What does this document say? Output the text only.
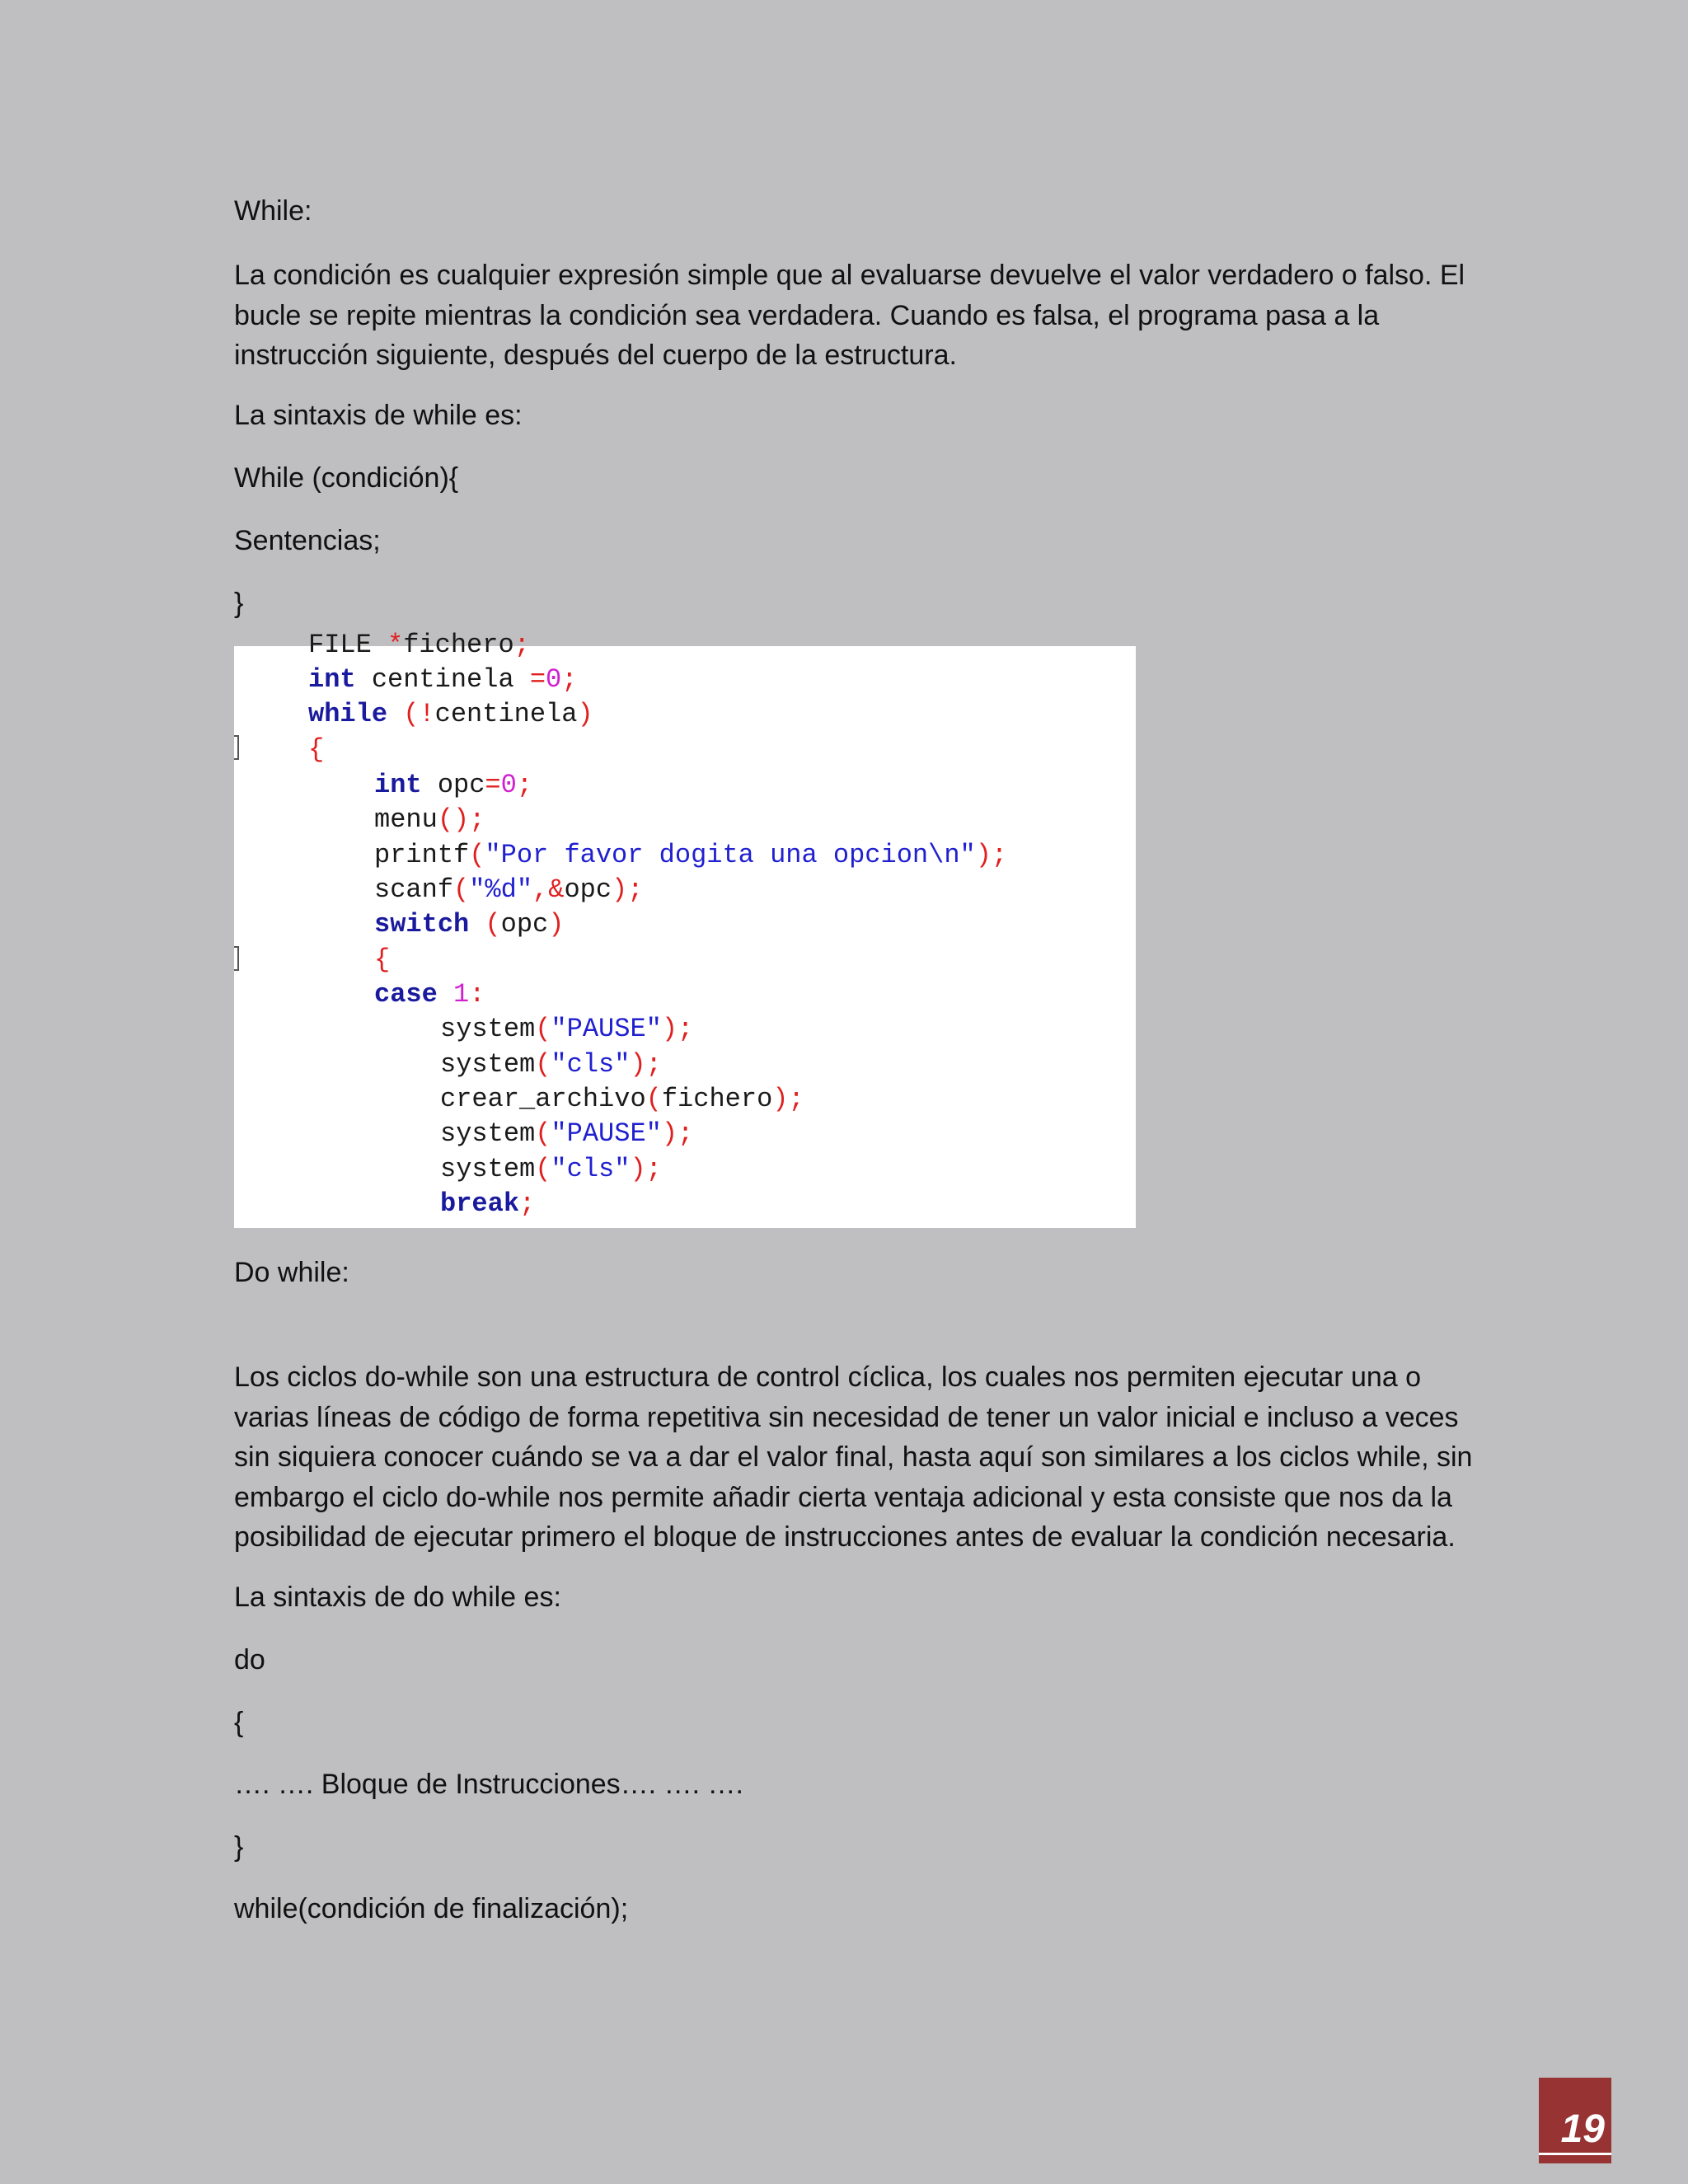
While:

La condición es cualquier expresión simple que al evaluarse devuelve el valor verdadero o falso. El
bucle se repite mientras la condición sea verdadera. Cuando es falsa, el programa pasa a la
instrucción siguiente, después del cuerpo de la estructura.

La sintaxis de while es:

While (condición){

Sentencias;

}

Do while:

Los ciclos do-while son una estructura de control cíclica, los cuales nos permiten ejecutar una o
varias líneas de código de forma repetitiva sin necesidad de tener un valor inicial e incluso a veces
sin siquiera conocer cuándo se va a dar el valor final, hasta aquí son similares a los ciclos while, sin
embargo el ciclo do-while nos permite añadir cierta ventaja adicional y esta consiste que nos da la
posibilidad de ejecutar primero el bloque de instrucciones antes de evaluar la condición necesaria.

La sintaxis de do while es:

do

{

…. …. Bloque de Instrucciones…. …. ….

}

while(condición de finalización);

FILE *fichero;
int centinela =0;
while (!centinela)
{
int opc=0;
menu();
printf("Por favor dogita una opcion\n");
scanf("%d",&opc);
switch (opc)
{
case 1:
system("PAUSE");
system("cls");
crear_archivo(fichero);
system("PAUSE");
system("cls");
break;
19
